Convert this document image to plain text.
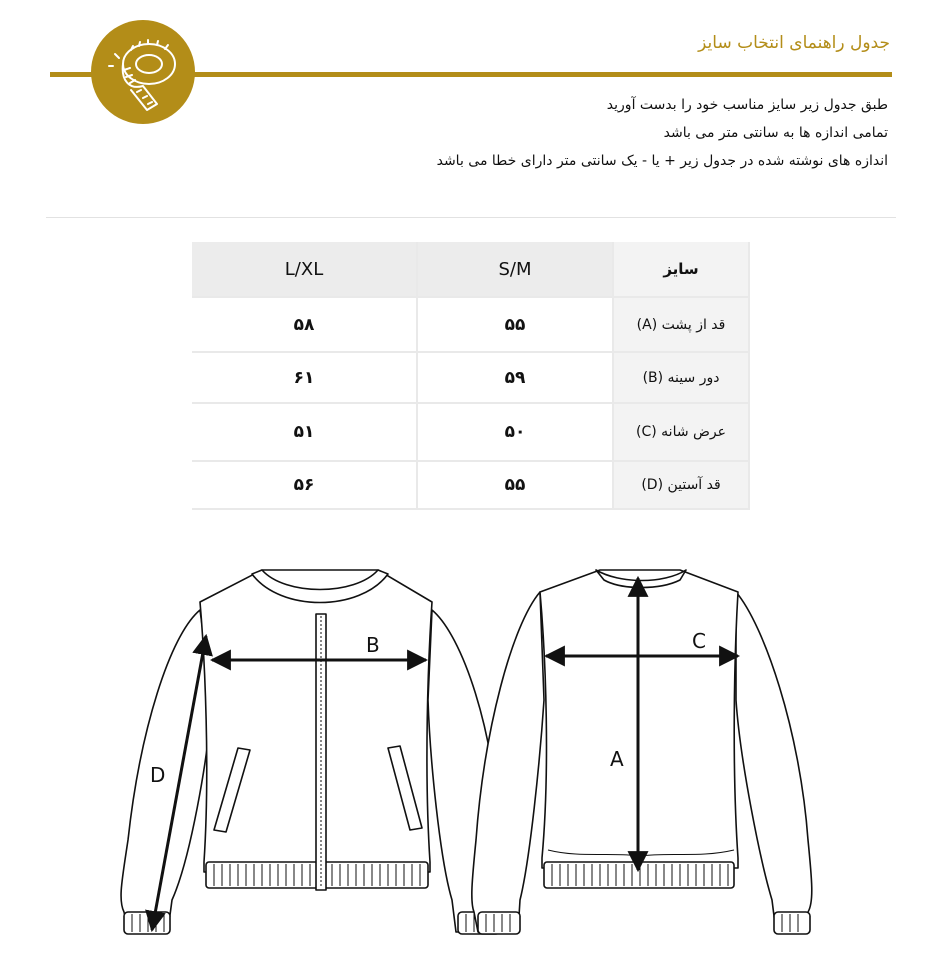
جدول راهنمای انتخاب سایز
طبق جدول زیر سایز مناسب خود را بدست آورید
تمامی اندازه ها به سانتی متر می باشد
اندازه های نوشته شده در جدول زیر + یا - یک سانتی متر دارای خطا می باشد
L/XL	S/M	سایز
۵۸	۵۵	قد از پشت (A)
۶۱	۵۹	دور سینه (B)
۵۱	۵۰	عرض شانه (C)
۵۶	۵۵	قد آستین (D)
B	C
A
D
